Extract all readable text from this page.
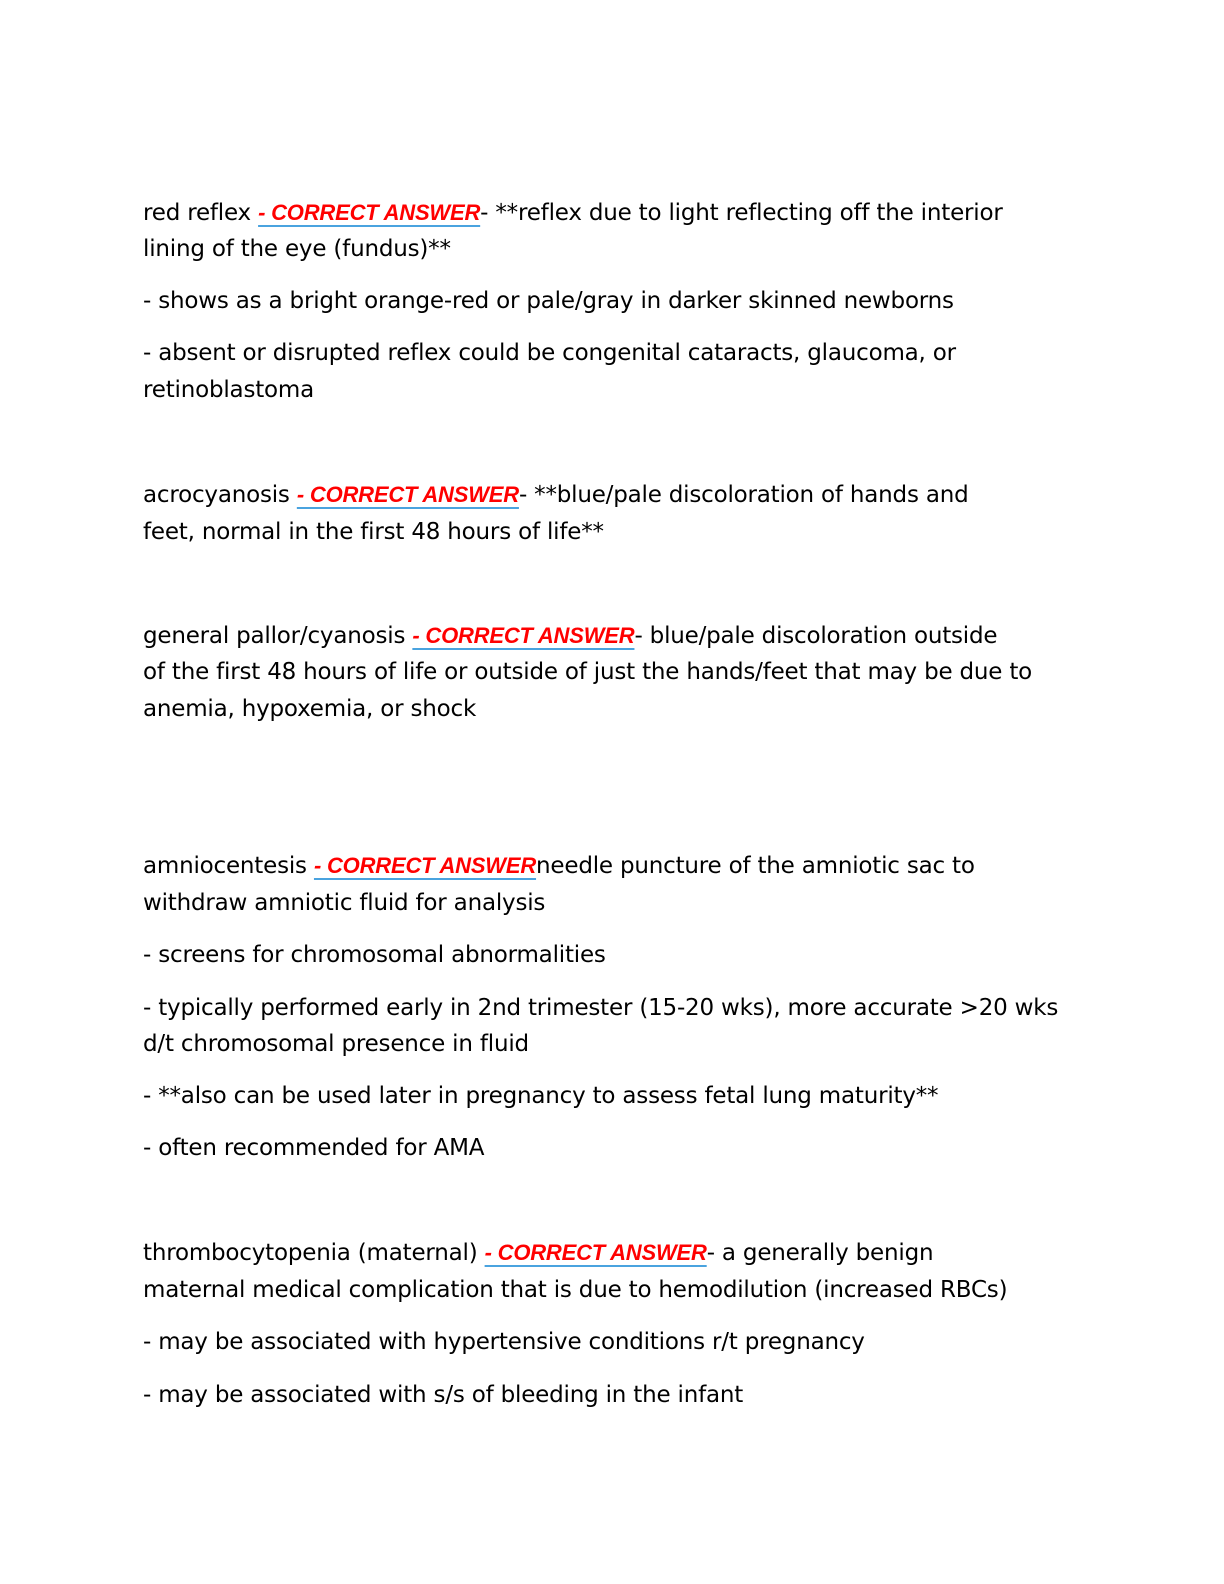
red reflex - CORRECT ANSWER- **reflex due to light reflecting off the interior
lining of the eye (fundus)**
- shows as a bright orange-red or pale/gray in darker skinned newborns
- absent or disrupted reflex could be congenital cataracts, glaucoma, or
retinoblastoma
acrocyanosis - CORRECT ANSWER- **blue/pale discoloration of hands and
feet, normal in the first 48 hours of life**
general pallor/cyanosis - CORRECT ANSWER- blue/pale discoloration outside
of the first 48 hours of life or outside of just the hands/feet that may be due to
anemia, hypoxemia, or shock
amniocentesis - CORRECT ANSWERneedle puncture of the amniotic sac to
withdraw amniotic fluid for analysis
- screens for chromosomal abnormalities
- typically performed early in 2nd trimester (15-20 wks), more accurate >20 wks
d/t chromosomal presence in fluid
- **also can be used later in pregnancy to assess fetal lung maturity**
- often recommended for AMA
thrombocytopenia (maternal) - CORRECT ANSWER- a generally benign
maternal medical complication that is due to hemodilution (increased RBCs)
- may be associated with hypertensive conditions r/t pregnancy
- may be associated with s/s of bleeding in the infant
